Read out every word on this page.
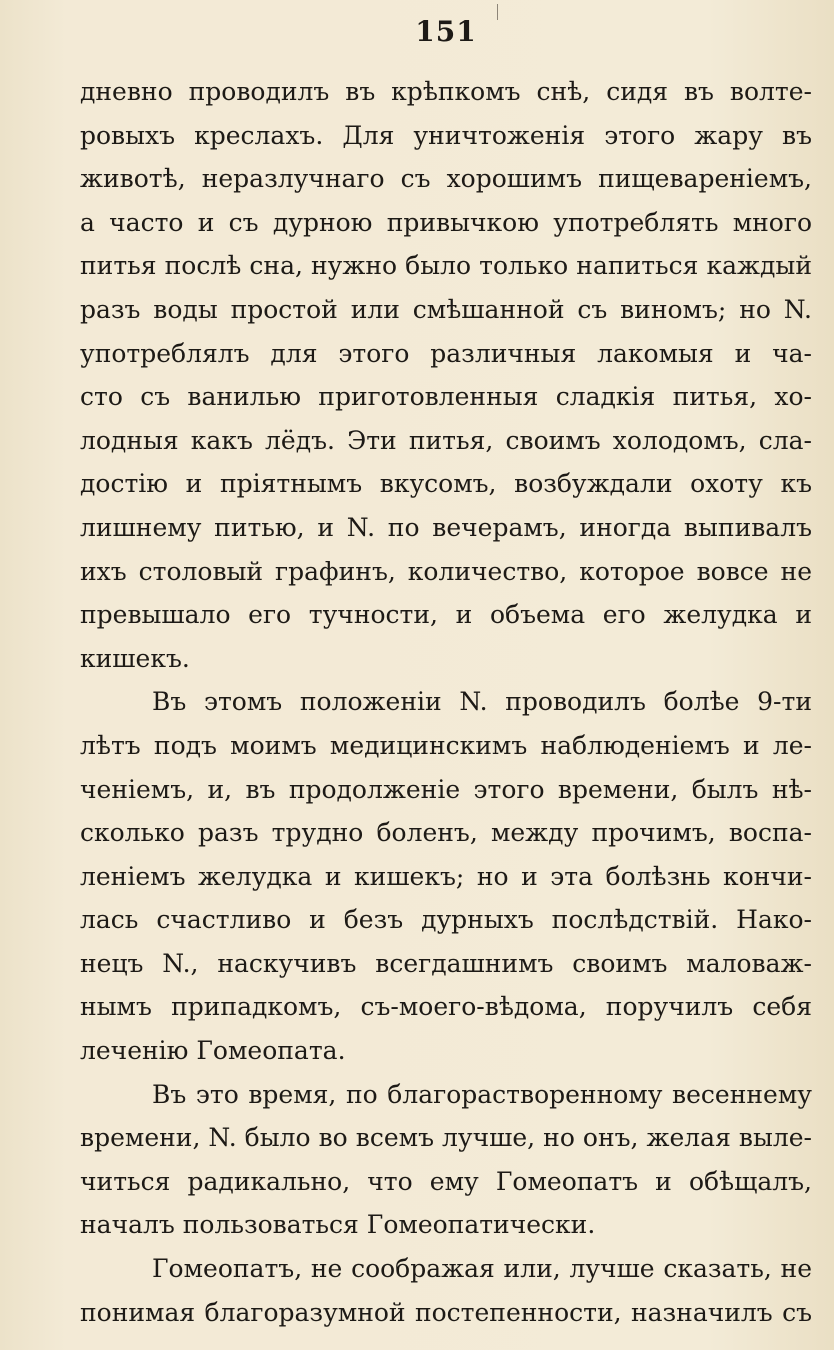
151
дневно проводилъ въ крѣпкомъ снѣ, сидя въ волте-
ровыхъ креслахъ. Для уничтоженія этого жару въ
животѣ, неразлучнаго съ хорошимъ пищевареніемъ,
а часто и съ дурною привычкою употреблять много
питья послѣ сна, нужно было только напиться каждый
разъ воды простой или смѣшанной съ виномъ; но N.
употреблялъ для этого различныя лакомыя и ча-
сто съ ванилью приготовленныя сладкія питья, хо-
лодныя какъ лёдъ. Эти питья, своимъ холодомъ, сла-
достію и пріятнымъ вкусомъ, возбуждали охоту къ
лишнему питью, и N. по вечерамъ, иногда выпивалъ
ихъ столовый графинъ, количество, которое вовсе не
превышало его тучности, и объема его желудка и
кишекъ.
Въ этомъ положеніи N. проводилъ болѣе 9-ти
лѣтъ подъ моимъ медицинскимъ наблюденіемъ и ле-
ченіемъ, и, въ продолженіе этого времени, былъ нѣ-
сколько разъ трудно боленъ, между прочимъ, воспа-
леніемъ желудка и кишекъ; но и эта болѣзнь кончи-
лась счастливо и безъ дурныхъ послѣдствій. Нако-
нецъ N., наскучивъ всегдашнимъ своимъ маловаж-
нымъ припадкомъ, съ-моего-вѣдома, поручилъ себя
леченію Гомеопата.
Въ это время, по благорастворенному весеннему
времени, N. было во всемъ лучше, но онъ, желая выле-
читься радикально, что ему Гомеопатъ и обѣщалъ,
началъ пользоваться Гомеопатически.
Гомеопатъ, не соображая или, лучше сказать, не
понимая благоразумной постепенности, назначилъ съ
